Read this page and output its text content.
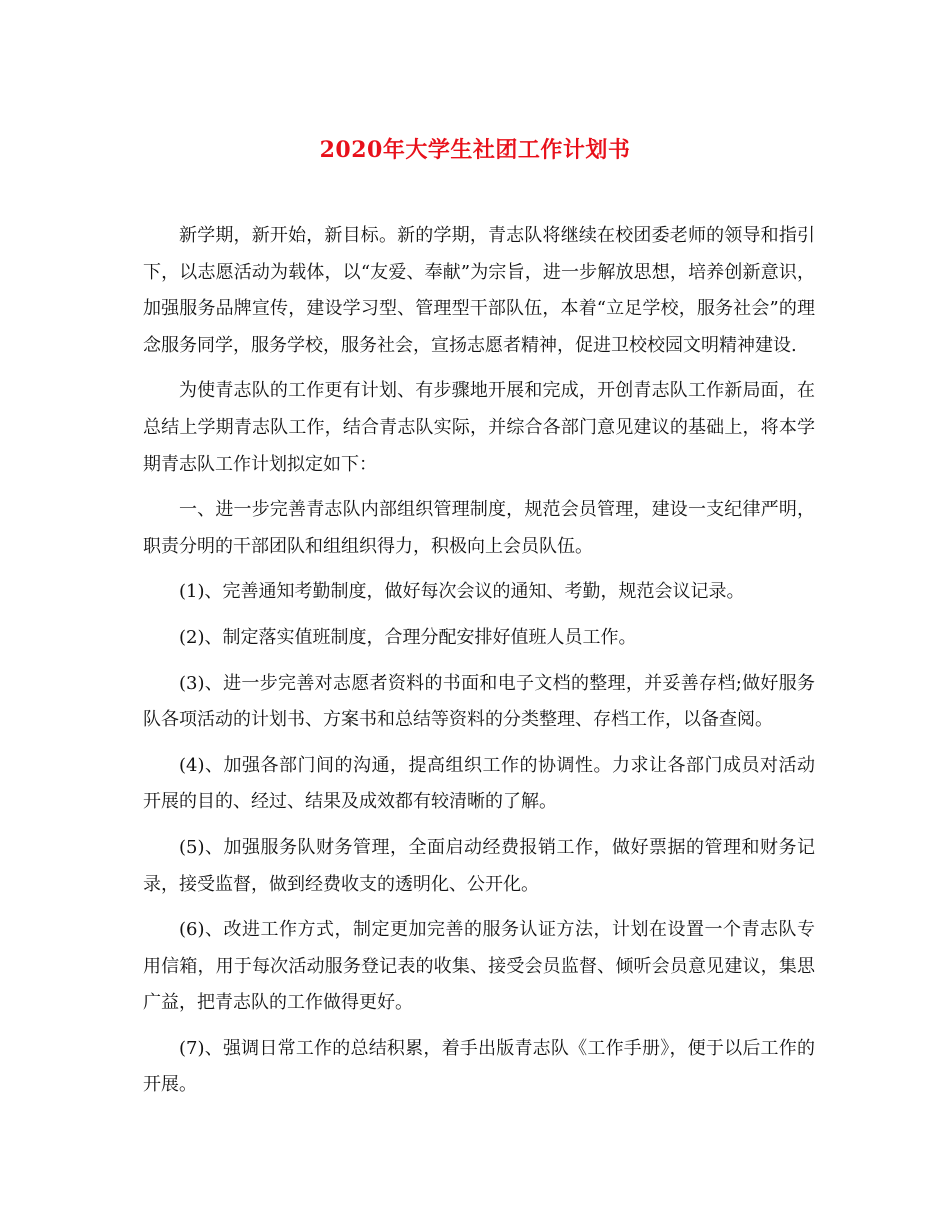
2020年大学生社团工作计划书

新学期，新开始，新目标。新的学期，青志队将继续在校团委老师的领导和指引下，以志愿活动为载体，以“友爱、奉献”为宗旨，进一步解放思想，培养创新意识，加强服务品牌宣传，建设学习型、管理型干部队伍，本着“立足学校，服务社会”的理念服务同学，服务学校，服务社会，宣扬志愿者精神，促进卫校校园文明精神建设.

为使青志队的工作更有计划、有步骤地开展和完成，开创青志队工作新局面，在总结上学期青志队工作，结合青志队实际，并综合各部门意见建议的基础上，将本学期青志队工作计划拟定如下：

一、进一步完善青志队内部组织管理制度，规范会员管理，建设一支纪律严明，职责分明的干部团队和组组织得力，积极向上会员队伍。

(1)、完善通知考勤制度，做好每次会议的通知、考勤，规范会议记录。

(2)、制定落实值班制度，合理分配安排好值班人员工作。

(3)、进一步完善对志愿者资料的书面和电子文档的整理，并妥善存档;做好服务队各项活动的计划书、方案书和总结等资料的分类整理、存档工作，以备查阅。

(4)、加强各部门间的沟通，提高组织工作的协调性。力求让各部门成员对活动开展的目的、经过、结果及成效都有较清晰的了解。

(5)、加强服务队财务管理，全面启动经费报销工作，做好票据的管理和财务记录，接受监督，做到经费收支的透明化、公开化。

(6)、改进工作方式，制定更加完善的服务认证方法，计划在设置一个青志队专用信箱，用于每次活动服务登记表的收集、接受会员监督、倾听会员意见建议，集思广益，把青志队的工作做得更好。

(7)、强调日常工作的总结积累，着手出版青志队《工作手册》，便于以后工作的开展。
